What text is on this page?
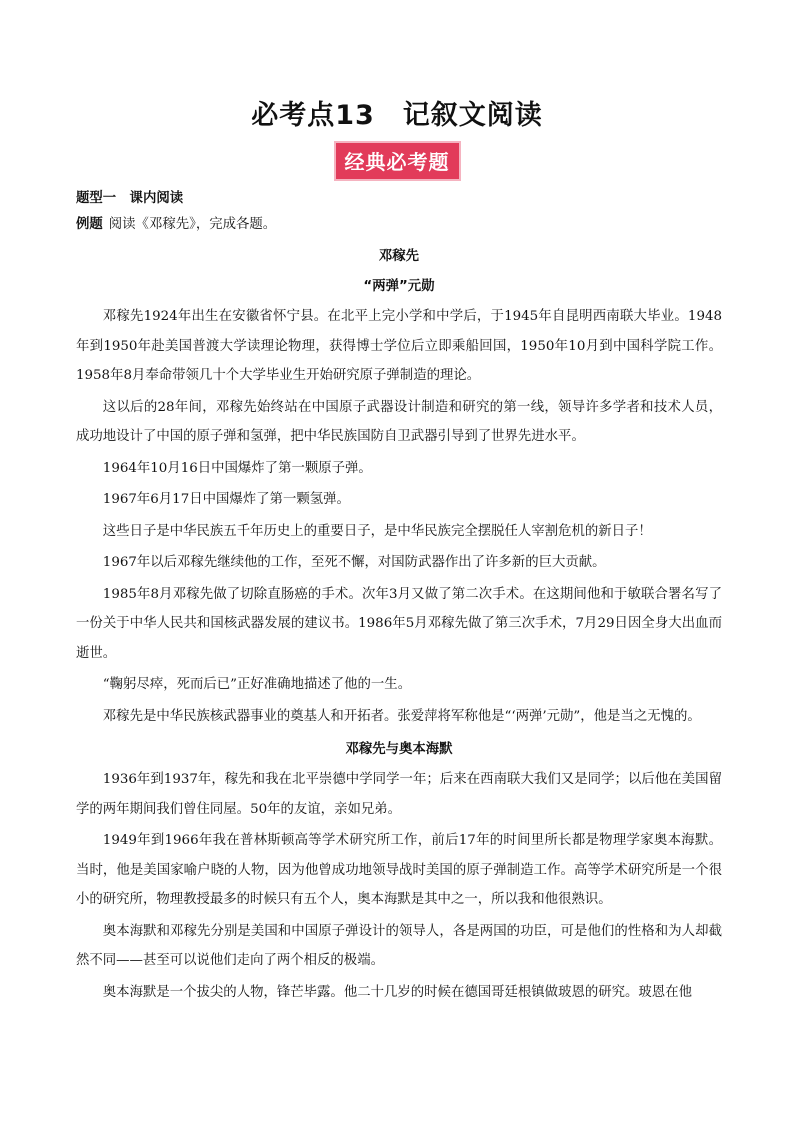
必考点13　记叙文阅读
经典必考题
题型一　课内阅读
例题 阅读《邓稼先》，完成各题。
邓稼先
“两弹”元勋

邓稼先1924年出生在安徽省怀宁县。在北平上完小学和中学后，于1945年自昆明西南联大毕业。1948年到1950年赴美国普渡大学读理论物理，获得博士学位后立即乘船回国，1950年10月到中国科学院工作。1958年8月奉命带领几十个大学毕业生开始研究原子弹制造的理论。

这以后的28年间，邓稼先始终站在中国原子武器设计制造和研究的第一线，领导许多学者和技术人员，成功地设计了中国的原子弹和氢弹，把中华民族国防自卫武器引导到了世界先进水平。

1964年10月16日中国爆炸了第一颗原子弹。

1967年6月17日中国爆炸了第一颗氢弹。

这些日子是中华民族五千年历史上的重要日子，是中华民族完全摆脱任人宰割危机的新日子！

1967年以后邓稼先继续他的工作，至死不懈，对国防武器作出了许多新的巨大贡献。

1985年8月邓稼先做了切除直肠癌的手术。次年3月又做了第二次手术。在这期间他和于敏联合署名写了一份关于中华人民共和国核武器发展的建议书。1986年5月邓稼先做了第三次手术，7月29日因全身大出血而逝世。

“鞠躬尽瘁，死而后已”正好准确地描述了他的一生。

邓稼先是中华民族核武器事业的奠基人和开拓者。张爱萍将军称他是“‘两弹’元勋”，他是当之无愧的。

邓稼先与奥本海默

1936年到1937年，稼先和我在北平崇德中学同学一年；后来在西南联大我们又是同学；以后他在美国留学的两年期间我们曾住同屋。50年的友谊，亲如兄弟。

1949年到1966年我在普林斯顿高等学术研究所工作，前后17年的时间里所长都是物理学家奥本海默。当时，他是美国家喻户晓的人物，因为他曾成功地领导战时美国的原子弹制造工作。高等学术研究所是一个很小的研究所，物理教授最多的时候只有五个人，奥本海默是其中之一，所以我和他很熟识。

奥本海默和邓稼先分别是美国和中国原子弹设计的领导人，各是两国的功臣，可是他们的性格和为人却截然不同——甚至可以说他们走向了两个相反的极端。

奥本海默是一个拔尖的人物，锋芒毕露。他二十几岁的时候在德国哥廷根镇做玻恩的研究。玻恩在他
